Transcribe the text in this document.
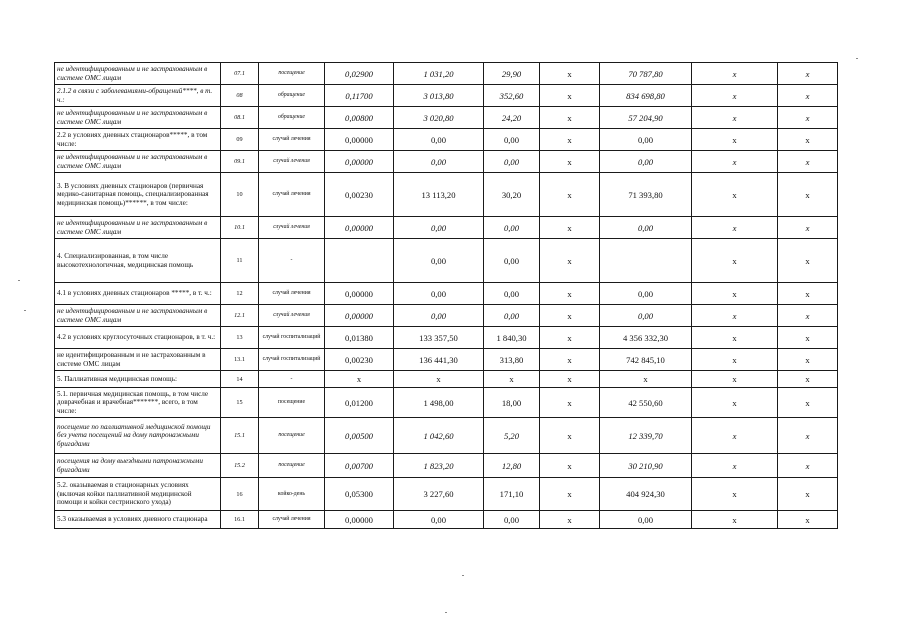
не идентифицированным и не застрахованным в системе ОМС лицам	07.1	посещение	0,02900	1 031,20	29,90	х	70 787,80	х	х
2.1.2 в связи с заболеваниями-обращений****, в т. ч.:	08	обращение	0,11700	3 013,80	352,60	х	834 698,80	х	х
не идентифицированным и не застрахованным в системе ОМС лицам	08.1	обращение	0,00800	3 020,80	24,20	х	57 204,90	х	х
2.2 в условиях дневных стационаров*****, в том числе:	09	случай лечения	0,00000	0,00	0,00	х	0,00	х	х
не идентифицированным и не застрахованным в системе ОМС лицам	09.1	случай лечения	0,00000	0,00	0,00	х	0,00	х	х
3. В условиях дневных стационаров (первичная медико-санитарная помощь, специализированная медицинская помощь)******, в том числе:	10	случай лечения	0,00230	13 113,20	30,20	х	71 393,80	х	х
не идентифицированным и не застрахованным в системе ОМС лицам	10.1	случай лечения	0,00000	0,00	0,00	х	0,00	х	х
4. Специализированная, в том числе высокотехнологичная, медицинская помощь	11	-		0,00	0,00	х		х	х
4.1 в условиях дневных стационаров *****, в т. ч.:	12	случай лечения	0,00000	0,00	0,00	х	0,00	х	х
не идентифицированным и не застрахованным в системе ОМС лицам	12.1	случай лечения	0,00000	0,00	0,00	х	0,00	х	х
4.2 в условиях круглосуточных стационаров, в т. ч.:	13	случай госпитализаций	0,01380	133 357,50	1 840,30	х	4 356 332,30	х	х
не идентифицированным и не застрахованным в системе ОМС лицам	13.1	случай госпитализаций	0,00230	136 441,30	313,80	х	742 845,10	х	х
5. Паллиативная медицинская помощь:	14	-	х	х	х	х	х	х	х
5.1. первичная медицинская помощь, в том числе доврачебная и врачебная*******, всего, в том числе:	15	посещение	0,01200	1 498,00	18,00	х	42 550,60	х	х
посещение по паллиативной медицинской помощи без учета посещений на дому патронажными бригадами	15.1	посещение	0,00500	1 042,60	5,20	х	12 339,70	х	х
посещения на дому выездными патронажными бригадами	15.2	посещение	0,00700	1 823,20	12,80	х	30 210,90	х	х
5.2. оказываемая в стационарных условиях (включая койки паллиативной медицинской помощи и койки сестринского ухода)	16	койко-день	0,05300	3 227,60	171,10	х	404 924,30	х	х
5.3 оказываемая в условиях дневного стационара	16.1	случай лечения	0,00000	0,00	0,00	х	0,00	х	х
